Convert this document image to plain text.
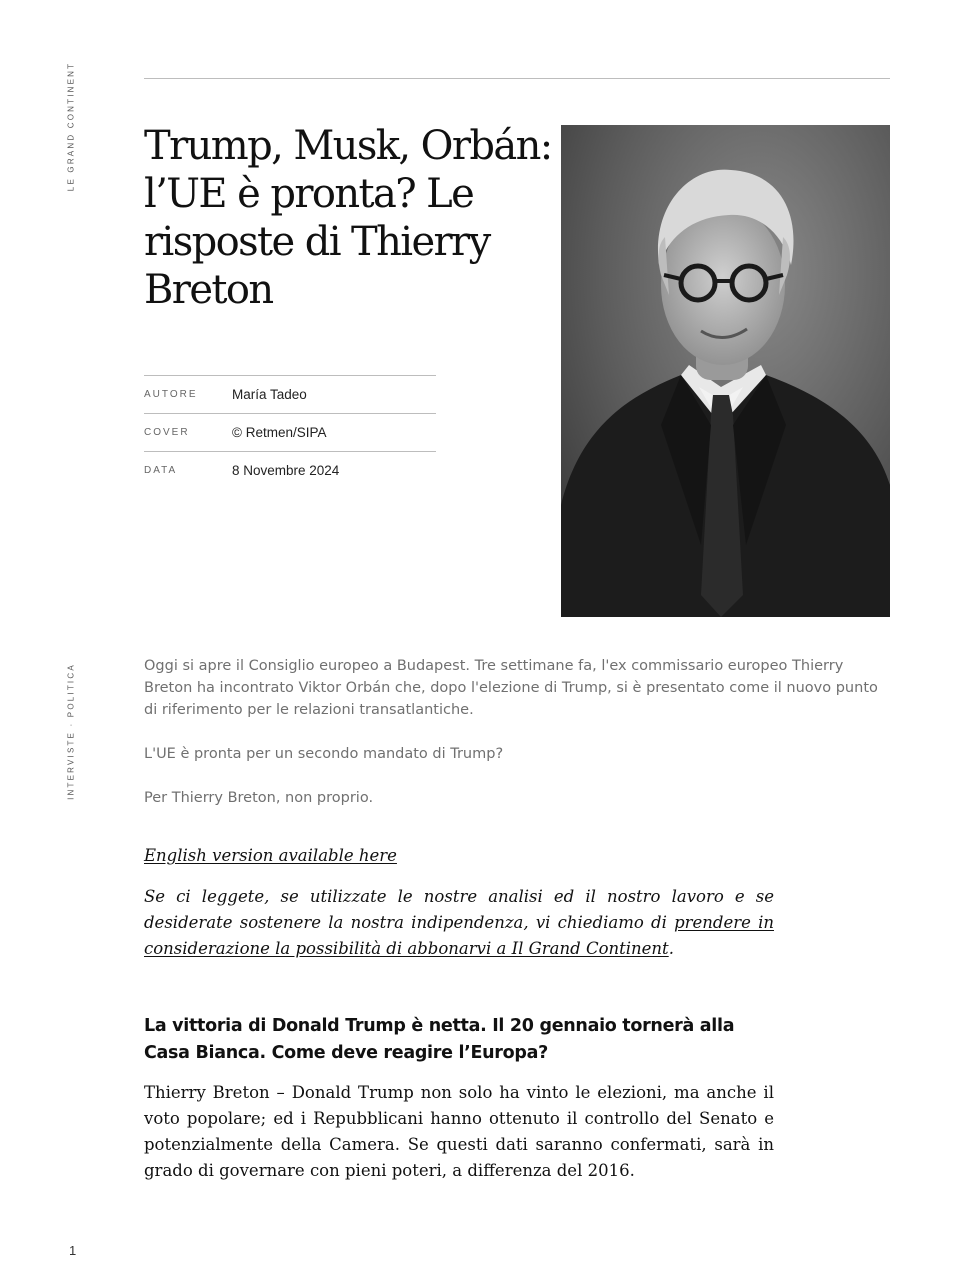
LE GRAND CONTINENT
INTERVISTE · POLITICA
1
Trump, Musk, Orbán: l’UE è pronta? Le risposte di Thierry Breton
AUTORE	María Tadeo
COVER	© Retmen/SIPA
DATA	8 Novembre 2024

Oggi si apre il Consiglio europeo a Budapest. Tre settimane fa, l'ex commissario europeo Thierry Breton ha incontrato Viktor Orbán che, dopo l'elezione di Trump, si è presentato come il nuovo punto di riferimento per le relazioni transatlantiche.

L'UE è pronta per un secondo mandato di Trump?

Per Thierry Breton, non proprio.

English version available here

Se ci leggete, se utilizzate le nostre analisi ed il nostro lavoro e se desiderate sostenere la nostra indipendenza, vi chiediamo di prendere in considerazione la possibilità di abbonarvi a Il Grand Continent.

La vittoria di Donald Trump è netta. Il 20 gennaio tornerà alla Casa Bianca. Come deve reagire l’Europa?

Thierry Breton – Donald Trump non solo ha vinto le elezioni, ma anche il voto popolare; ed i Repubblicani hanno ottenuto il controllo del Senato e potenzialmente della Camera. Se questi dati saranno confermati, sarà in grado di governare con pieni poteri, a differenza del 2016.
